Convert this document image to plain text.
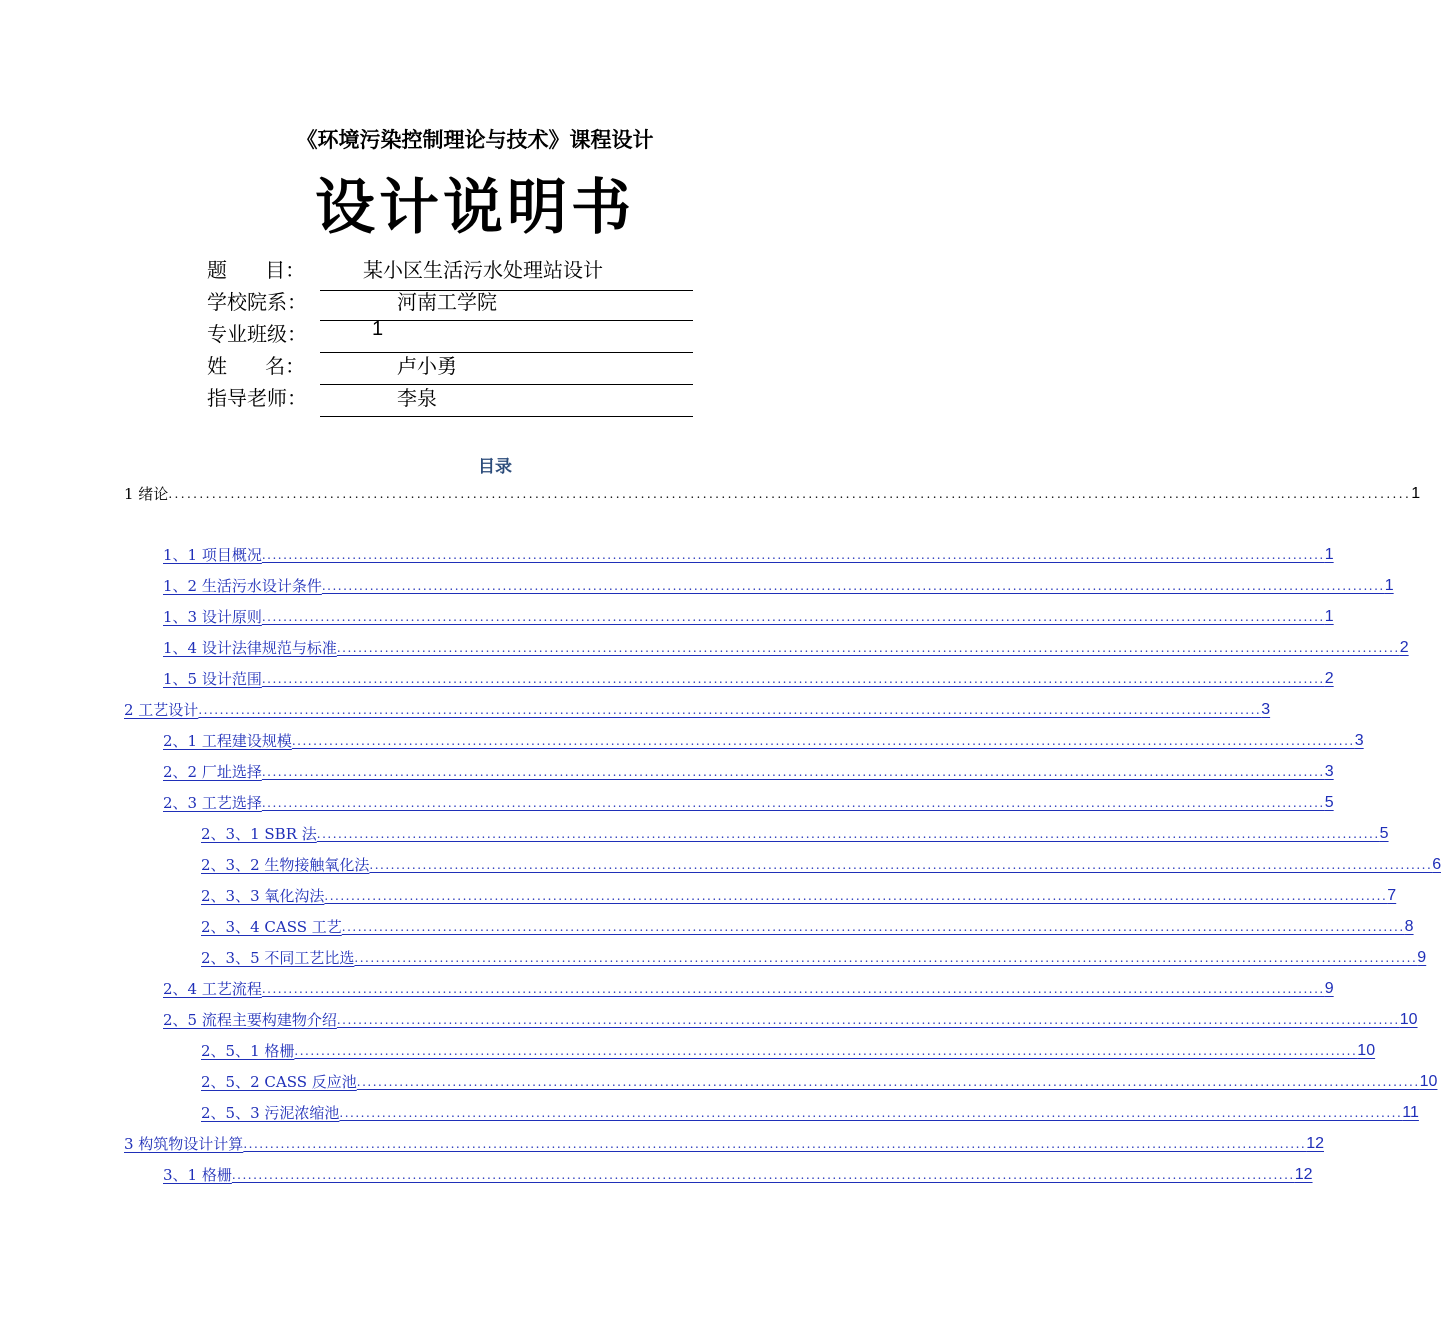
《环境污染控制理论与技术》课程设计
设计说明书
题      目：	某小区生活污水处理站设计
学校院系：	河南工学院
专业班级：	1
姓      名：	卢小勇
指导老师：	李泉
目录
1 绪论 ........................................................................................................................................................................................................ 1
1、1 项目概况 ........................................................................................................................................................................................................ 1
1、2 生活污水设计条件 ........................................................................................................................................................................................................ 1
1、3 设计原则 ........................................................................................................................................................................................................ 1
1、4 设计法律规范与标准 ........................................................................................................................................................................................................ 2
1、5 设计范围 ........................................................................................................................................................................................................ 2
2 工艺设计 ........................................................................................................................................................................................................ 3
2、1 工程建设规模 ........................................................................................................................................................................................................ 3
2、2 厂址选择 ........................................................................................................................................................................................................ 3
2、3 工艺选择 ........................................................................................................................................................................................................ 5
2、3、1 SBR 法 ........................................................................................................................................................................................................ 5
2、3、2 生物接触氧化法 ........................................................................................................................................................................................................ 6
2、3、3 氧化沟法 ........................................................................................................................................................................................................ 7
2、3、4 CASS 工艺 ........................................................................................................................................................................................................ 8
2、3、5 不同工艺比选 ........................................................................................................................................................................................................ 9
2、4 工艺流程 ........................................................................................................................................................................................................ 9
2、5 流程主要构建物介绍 ........................................................................................................................................................................................................ 10
2、5、1 格栅 ........................................................................................................................................................................................................ 10
2、5、2 CASS 反应池 ........................................................................................................................................................................................................ 10
2、5、3 污泥浓缩池 ........................................................................................................................................................................................................ 11
3 构筑物设计计算 ........................................................................................................................................................................................................ 12
3、1 格栅 ........................................................................................................................................................................................................ 12
